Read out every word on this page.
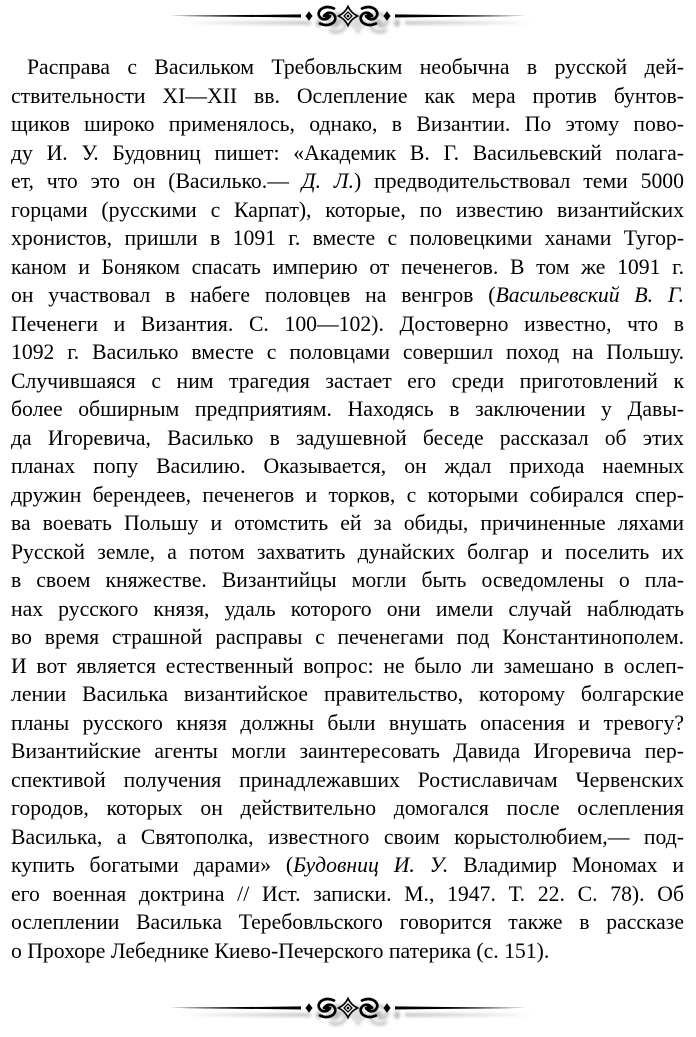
Расправа с Васильком Требовльским необычна в русской дей-
ствительности XI—XII вв. Ослепление как мера против бунтов-
щиков широко применялось, однако, в Византии. По этому пово-
ду И. У. Будовниц пишет: «Академик В. Г. Васильевский полага-
ет, что это он (Василько.— Д. Л.) предводительствовал теми 5000
горцами (русскими с Карпат), которые, по известию византийских
хронистов, пришли в 1091 г. вместе с половецкими ханами Тугор-
каном и Боняком спасать империю от печенегов. В том же 1091 г.
он участвовал в набеге половцев на венгров (Васильевский В. Г.
Печенеги и Византия. С. 100—102). Достоверно известно, что в
1092 г. Василько вместе с половцами совершил поход на Польшу.
Случившаяся с ним трагедия застает его среди приготовлений к
более обширным предприятиям. Находясь в заключении у Давы-
да Игоревича, Василько в задушевной беседе рассказал об этих
планах попу Василию. Оказывается, он ждал прихода наемных
дружин берендеев, печенегов и торков, с которыми собирался спер-
ва воевать Польшу и отомстить ей за обиды, причиненные ляхами
Русской земле, а потом захватить дунайских болгар и поселить их
в своем княжестве. Византийцы могли быть осведомлены о пла-
нах русского князя, удаль которого они имели случай наблюдать
во время страшной расправы с печенегами под Константинополем.
И вот является естественный вопрос: не было ли замешано в ослеп-
лении Василька византийское правительство, которому болгарские
планы русского князя должны были внушать опасения и тревогу?
Византийские агенты могли заинтересовать Давида Игоревича пер-
спективой получения принадлежавших Ростиславичам Червенских
городов, которых он действительно домогался после ослепления
Василька, а Святополка, известного своим корыстолюбием,— под-
купить богатыми дарами» (Будовниц И. У. Владимир Мономах и
его военная доктрина // Ист. записки. М., 1947. Т. 22. С. 78). Об
ослеплении Василька Теребовльского говорится также в рассказе
о Прохоре Лебеднике Киево-Печерского патерика (с. 151).
